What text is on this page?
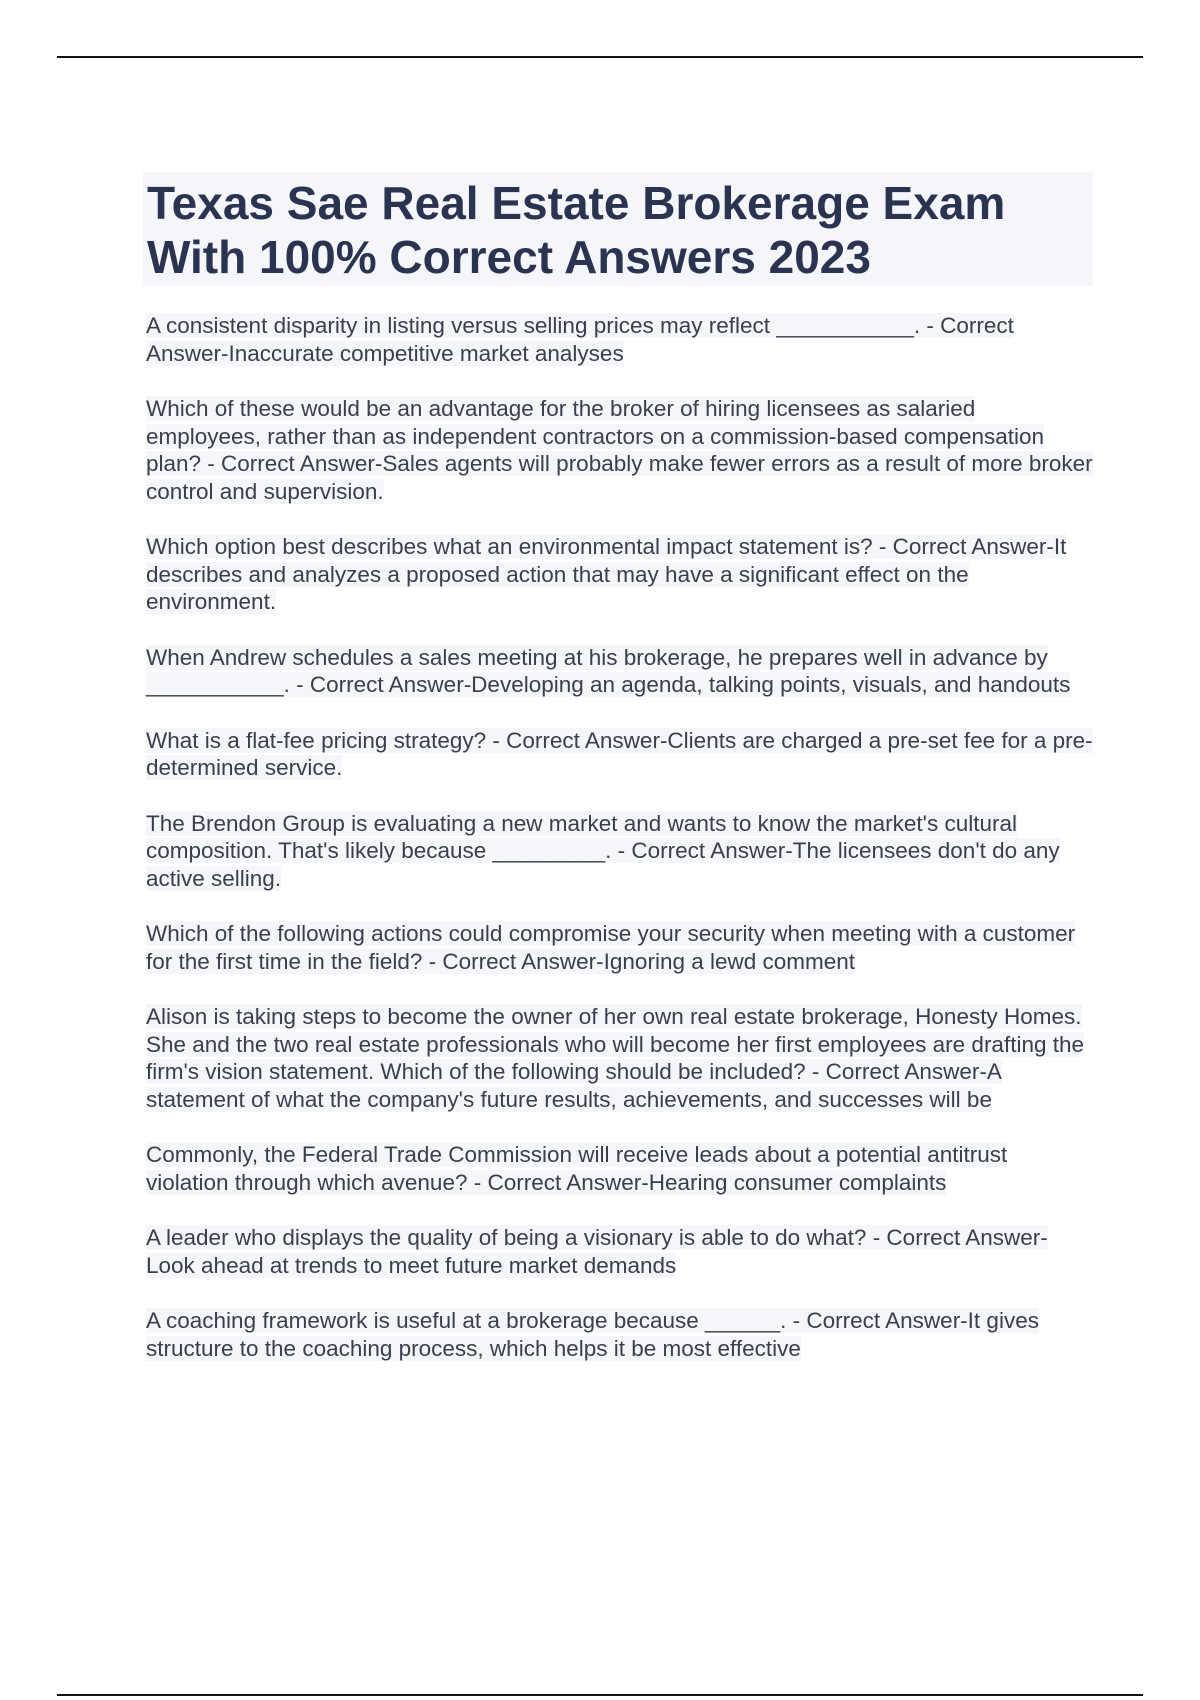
Texas Sae Real Estate Brokerage Exam With 100% Correct Answers 2023
A consistent disparity in listing versus selling prices may reflect ___________. - Correct Answer-Inaccurate competitive market analyses
Which of these would be an advantage for the broker of hiring licensees as salaried employees, rather than as independent contractors on a commission-based compensation plan? - Correct Answer-Sales agents will probably make fewer errors as a result of more broker control and supervision.
Which option best describes what an environmental impact statement is? - Correct Answer-It describes and analyzes a proposed action that may have a significant effect on the environment.
When Andrew schedules a sales meeting at his brokerage, he prepares well in advance by ___________. - Correct Answer-Developing an agenda, talking points, visuals, and handouts
What is a flat-fee pricing strategy? - Correct Answer-Clients are charged a pre-set fee for a pre-determined service.
The Brendon Group is evaluating a new market and wants to know the market's cultural composition. That's likely because _________. - Correct Answer-The licensees don't do any active selling.
Which of the following actions could compromise your security when meeting with a customer for the first time in the field? - Correct Answer-Ignoring a lewd comment
Alison is taking steps to become the owner of her own real estate brokerage, Honesty Homes. She and the two real estate professionals who will become her first employees are drafting the firm's vision statement. Which of the following should be included? - Correct Answer-A statement of what the company's future results, achievements, and successes will be
Commonly, the Federal Trade Commission will receive leads about a potential antitrust violation through which avenue? - Correct Answer-Hearing consumer complaints
A leader who displays the quality of being a visionary is able to do what? - Correct Answer-Look ahead at trends to meet future market demands
A coaching framework is useful at a brokerage because ______. - Correct Answer-It gives structure to the coaching process, which helps it be most effective
